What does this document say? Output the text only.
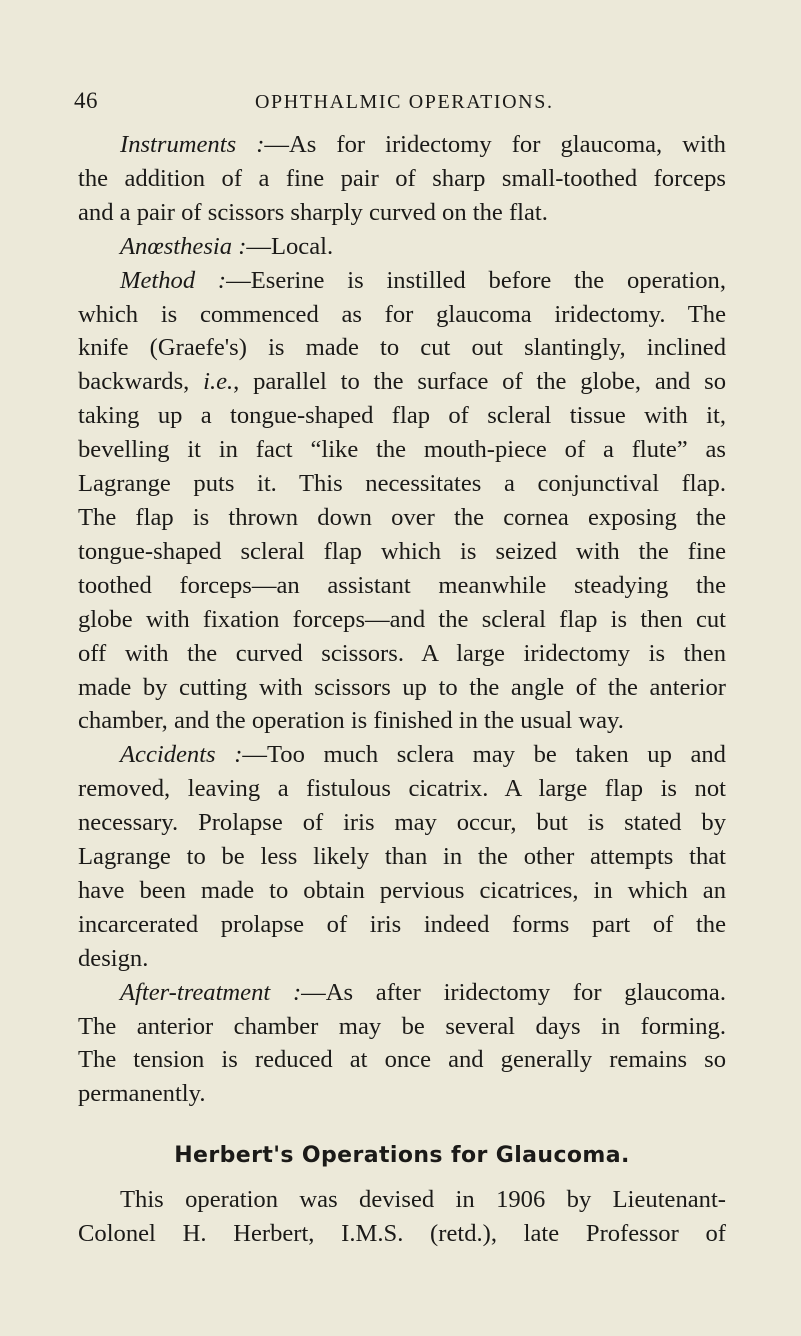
46	OPHTHALMIC OPERATIONS.
Instruments :—As for iridectomy for glaucoma, with
the addition of a fine pair of sharp small-toothed forceps
and a pair of scissors sharply curved on the flat.
Anœsthesia :—Local.
Method :—Eserine is instilled before the operation,
which is commenced as for glaucoma iridectomy. The
knife (Graefe's) is made to cut out slantingly, inclined
backwards, i.e., parallel to the surface of the globe, and so
taking up a tongue-shaped flap of scleral tissue with it,
bevelling it in fact “like the mouth-piece of a flute” as
Lagrange puts it. This necessitates a conjunctival flap.
The flap is thrown down over the cornea exposing the
tongue-shaped scleral flap which is seized with the fine
toothed forceps—an assistant meanwhile steadying the
globe with fixation forceps—and the scleral flap is then cut
off with the curved scissors. A large iridectomy is then
made by cutting with scissors up to the angle of the anterior
chamber, and the operation is finished in the usual way.
Accidents :—Too much sclera may be taken up and
removed, leaving a fistulous cicatrix. A large flap is not
necessary. Prolapse of iris may occur, but is stated by
Lagrange to be less likely than in the other attempts that
have been made to obtain pervious cicatrices, in which an
incarcerated prolapse of iris indeed forms part of the
design.
After-treatment :—As after iridectomy for glaucoma.
The anterior chamber may be several days in forming.
The tension is reduced at once and generally remains so
permanently.
Herbert's Operations for Glaucoma.
This operation was devised in 1906 by Lieutenant-
Colonel H. Herbert, I.M.S. (retd.), late Professor of
